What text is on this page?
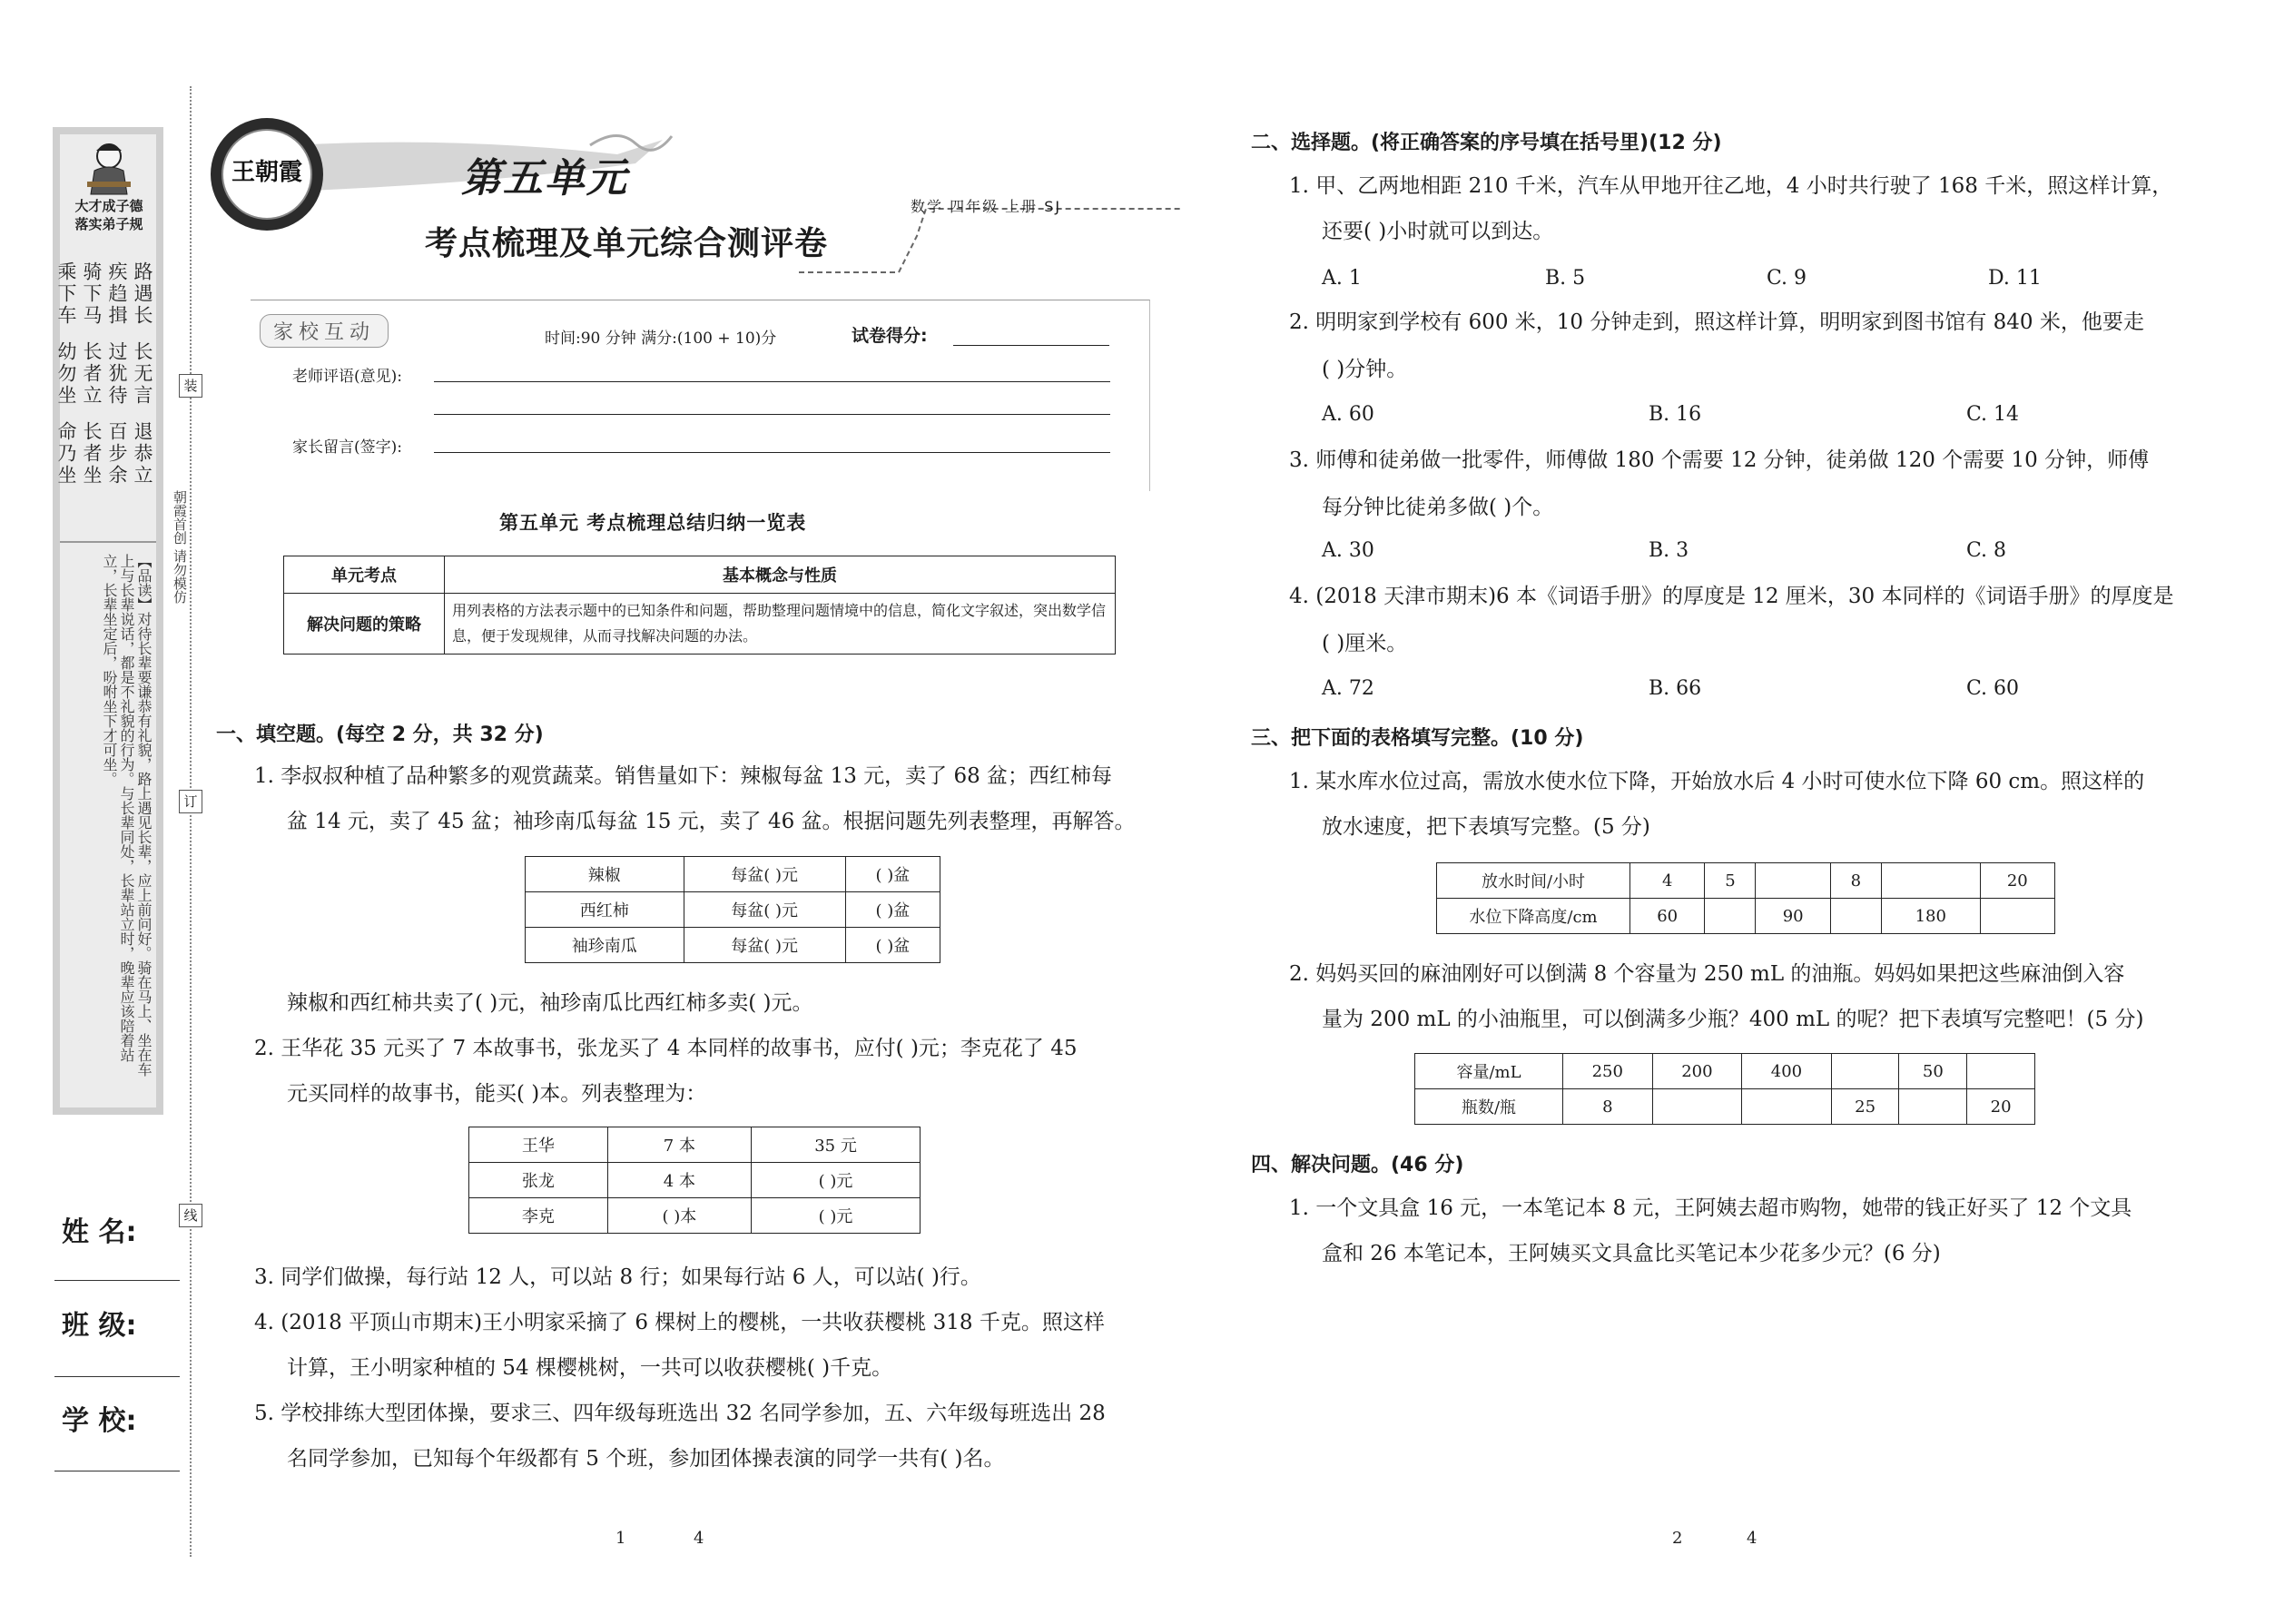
大才成子德
落实弟子规
路遇长
疾趋揖
长无言
退恭立
骑下马
乘下车
过犹待
百步余
长者立
幼勿坐
长者坐
命乃坐
【品读】对待长辈要谦恭有礼貌，路上遇见长辈，应上前问好。骑在马上、坐在车上与长辈说话，都是不礼貌的行为。与长辈同处，长辈站立时，晚辈应该陪着站立，长辈坐定后，吩咐坐下才可坐。
朝霞首创 请勿模仿
装
订
线
姓 名:
班 级:
学 校:
王朝霞	第五单元
考点梳理及单元综合测评卷
数学 四年级 上册 SJ
家校互动	时间:90 分钟 满分:(100 + 10)分	试卷得分:
老师评语(意见):
家长留言(签字):
第五单元 考点梳理总结归纳一览表
单元考点	基本概念与性质
解决问题的策略	用列表格的方法表示题中的已知条件和问题，帮助整理问题情境中的信息，简化文字叙述，突出数学信息，便于发现规律，从而寻找解决问题的办法。
一、填空题。(每空 2 分，共 32 分)
1. 李叔叔种植了品种繁多的观赏蔬菜。销售量如下：辣椒每盆 13 元，卖了 68 盆；西红柿每
盆 14 元，卖了 45 盆；袖珍南瓜每盆 15 元，卖了 46 盆。根据问题先列表整理，再解答。
辣椒	每盆( )元	( )盆
西红柿	每盆( )元	( )盆
袖珍南瓜	每盆( )元	( )盆
辣椒和西红柿共卖了( )元，袖珍南瓜比西红柿多卖( )元。
2. 王华花 35 元买了 7 本故事书，张龙买了 4 本同样的故事书，应付( )元；李克花了 45
元买同样的故事书，能买( )本。列表整理为：
王华	7 本	35 元
张龙	4 本	( )元
李克	( )本	( )元
3. 同学们做操，每行站 12 人，可以站 8 行；如果每行站 6 人，可以站( )行。
4. (2018 平顶山市期末)王小明家采摘了 6 棵树上的樱桃，一共收获樱桃 318 千克。照这样
计算，王小明家种植的 54 棵樱桃树，一共可以收获樱桃( )千克。
5. 学校排练大型团体操，要求三、四年级每班选出 32 名同学参加，五、六年级每班选出 28
名同学参加，已知每个年级都有 5 个班，参加团体操表演的同学一共有( )名。
1	4
二、选择题。(将正确答案的序号填在括号里)(12 分)
1. 甲、乙两地相距 210 千米，汽车从甲地开往乙地，4 小时共行驶了 168 千米，照这样计算，
还要( )小时就可以到达。
A. 1	B. 5	C. 9	D. 11
2. 明明家到学校有 600 米，10 分钟走到，照这样计算，明明家到图书馆有 840 米，他要走
( )分钟。
A. 60	B. 16	C. 14
3. 师傅和徒弟做一批零件，师傅做 180 个需要 12 分钟，徒弟做 120 个需要 10 分钟，师傅
每分钟比徒弟多做( )个。
A. 30	B. 3	C. 8
4. (2018 天津市期末)6 本《词语手册》的厚度是 12 厘米，30 本同样的《词语手册》的厚度是
( )厘米。
A. 72	B. 66	C. 60
三、把下面的表格填写完整。(10 分)
1. 某水库水位过高，需放水使水位下降，开始放水后 4 小时可使水位下降 60 cm。照这样的
放水速度，把下表填写完整。(5 分)
放水时间/小时	4	5		8		20
水位下降高度/cm	60		90		180	
2. 妈妈买回的麻油刚好可以倒满 8 个容量为 250 mL 的油瓶。妈妈如果把这些麻油倒入容
量为 200 mL 的小油瓶里，可以倒满多少瓶？400 mL 的呢？把下表填写完整吧！(5 分)
容量/mL	250	200	400		50	
瓶数/瓶	8			25		20
四、解决问题。(46 分)
1. 一个文具盒 16 元，一本笔记本 8 元，王阿姨去超市购物，她带的钱正好买了 12 个文具
盒和 26 本笔记本，王阿姨买文具盒比买笔记本少花多少元？(6 分)
2	4
